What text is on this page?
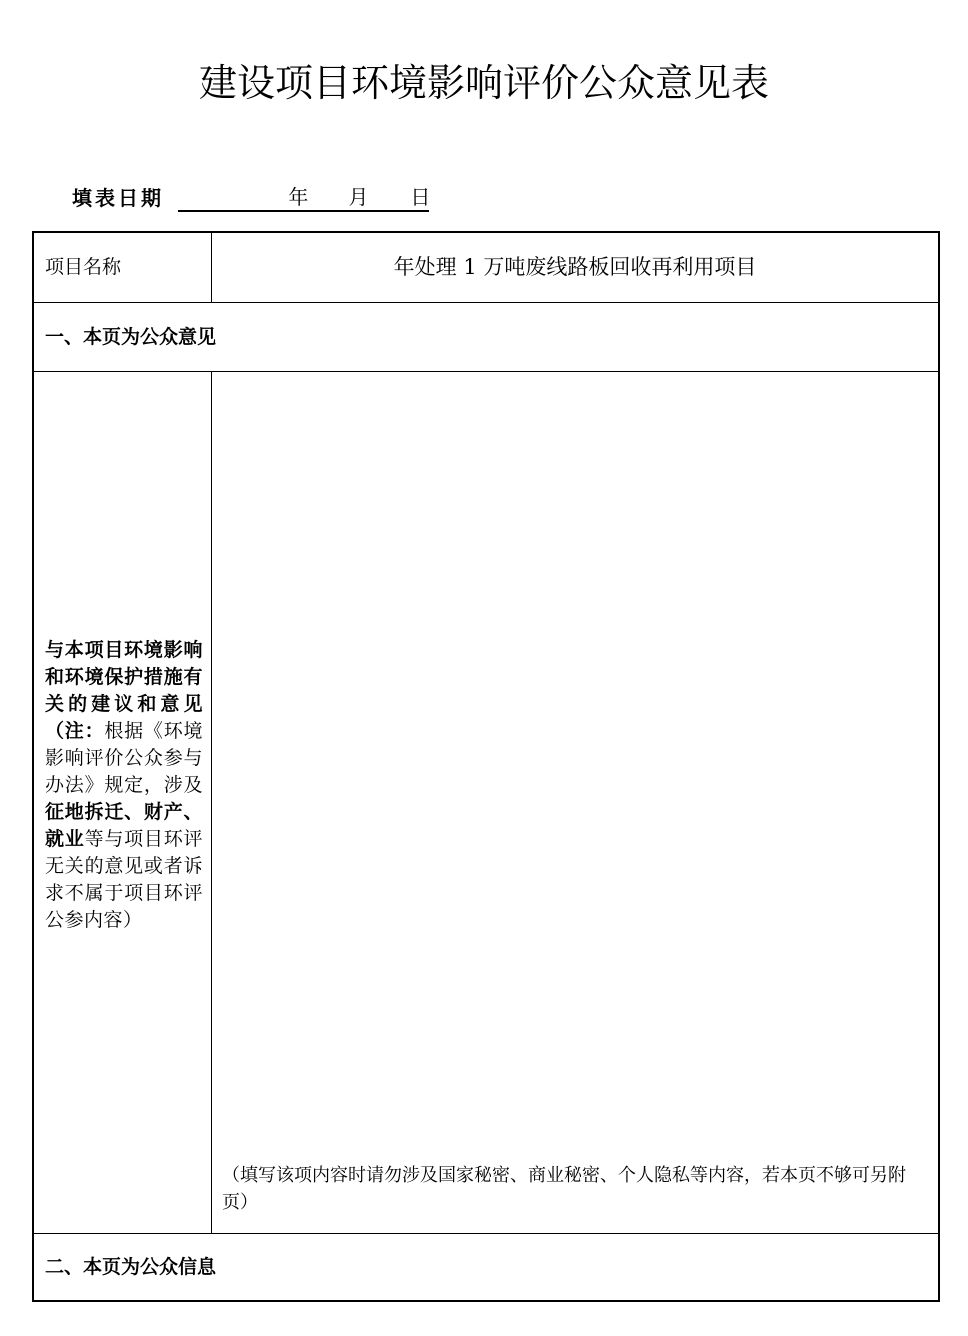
建设项目环境影响评价公众意见表
填表日期	年 月 日
项目名称	年处理 1 万吨废线路板回收再利用项目
一、本页为公众意见
与本项目环境影响和环境保护措施有关的建议和意见（注：根据《环境影响评价公众参与办法》规定，涉及征地拆迁、财产、就业等与项目环评无关的意见或者诉求不属于项目环评公参内容）
（填写该项内容时请勿涉及国家秘密、商业秘密、个人隐私等内容，若本页不够可另附页）
二、本页为公众信息
